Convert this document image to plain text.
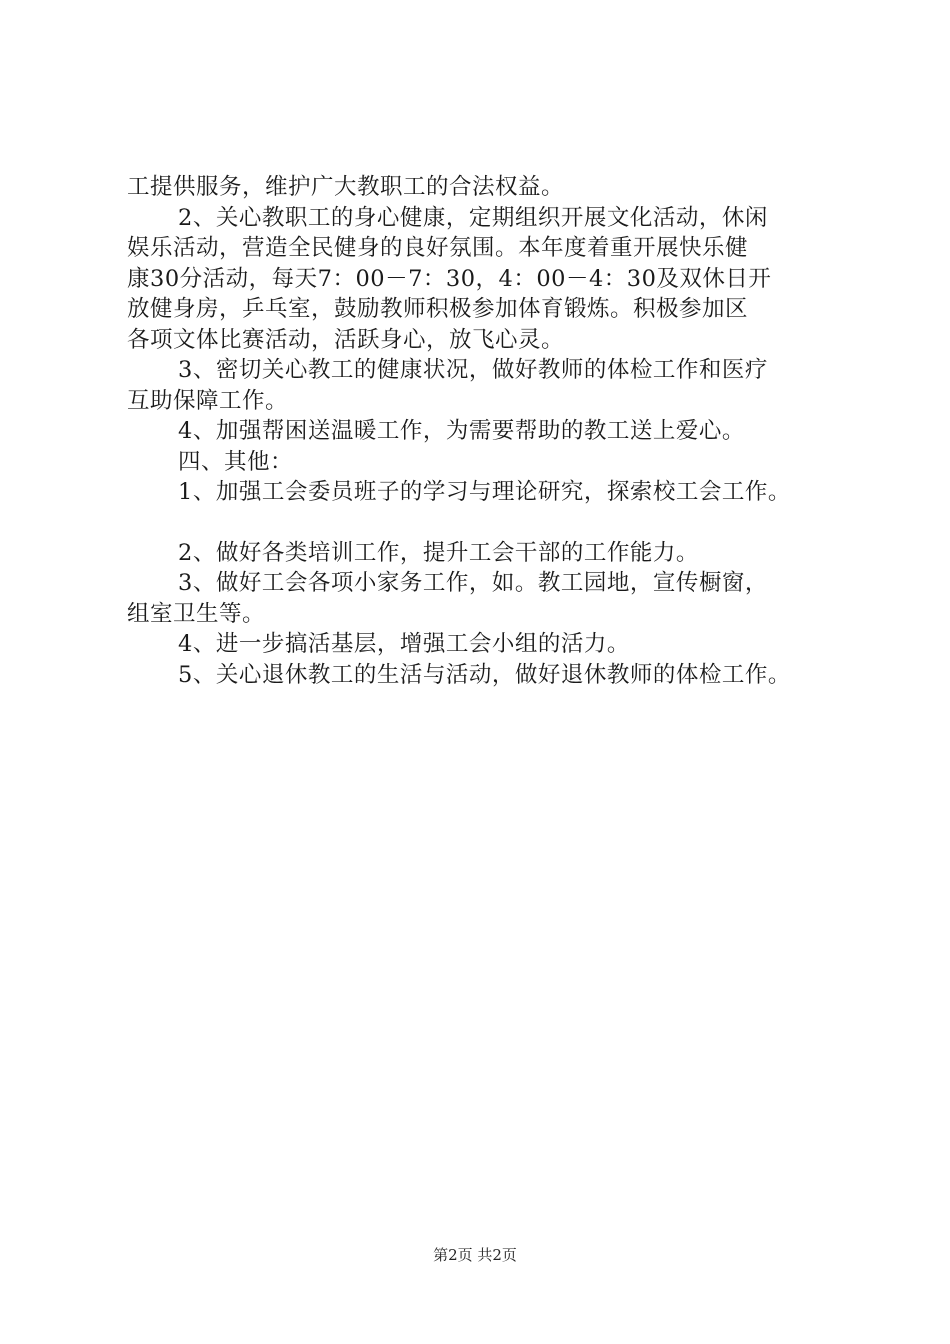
工提供服务，维护广大教职工的合法权益。
2、关心教职工的身心健康，定期组织开展文化活动，休闲
娱乐活动，营造全民健身的良好氛围。本年度着重开展快乐健
康30分活动，每天7：00－7：30，4：00－4：30及双休日开
放健身房，乒乓室，鼓励教师积极参加体育锻炼。积极参加区
各项文体比赛活动，活跃身心，放飞心灵。
3、密切关心教工的健康状况，做好教师的体检工作和医疗
互助保障工作。
4、加强帮困送温暖工作，为需要帮助的教工送上爱心。
四、其他：
1、加强工会委员班子的学习与理论研究，探索校工会工作。
2、做好各类培训工作，提升工会干部的工作能力。
3、做好工会各项小家务工作，如。教工园地，宣传橱窗，
组室卫生等。
4、进一步搞活基层，增强工会小组的活力。
5、关心退休教工的生活与活动，做好退休教师的体检工作。
第2页 共2页
